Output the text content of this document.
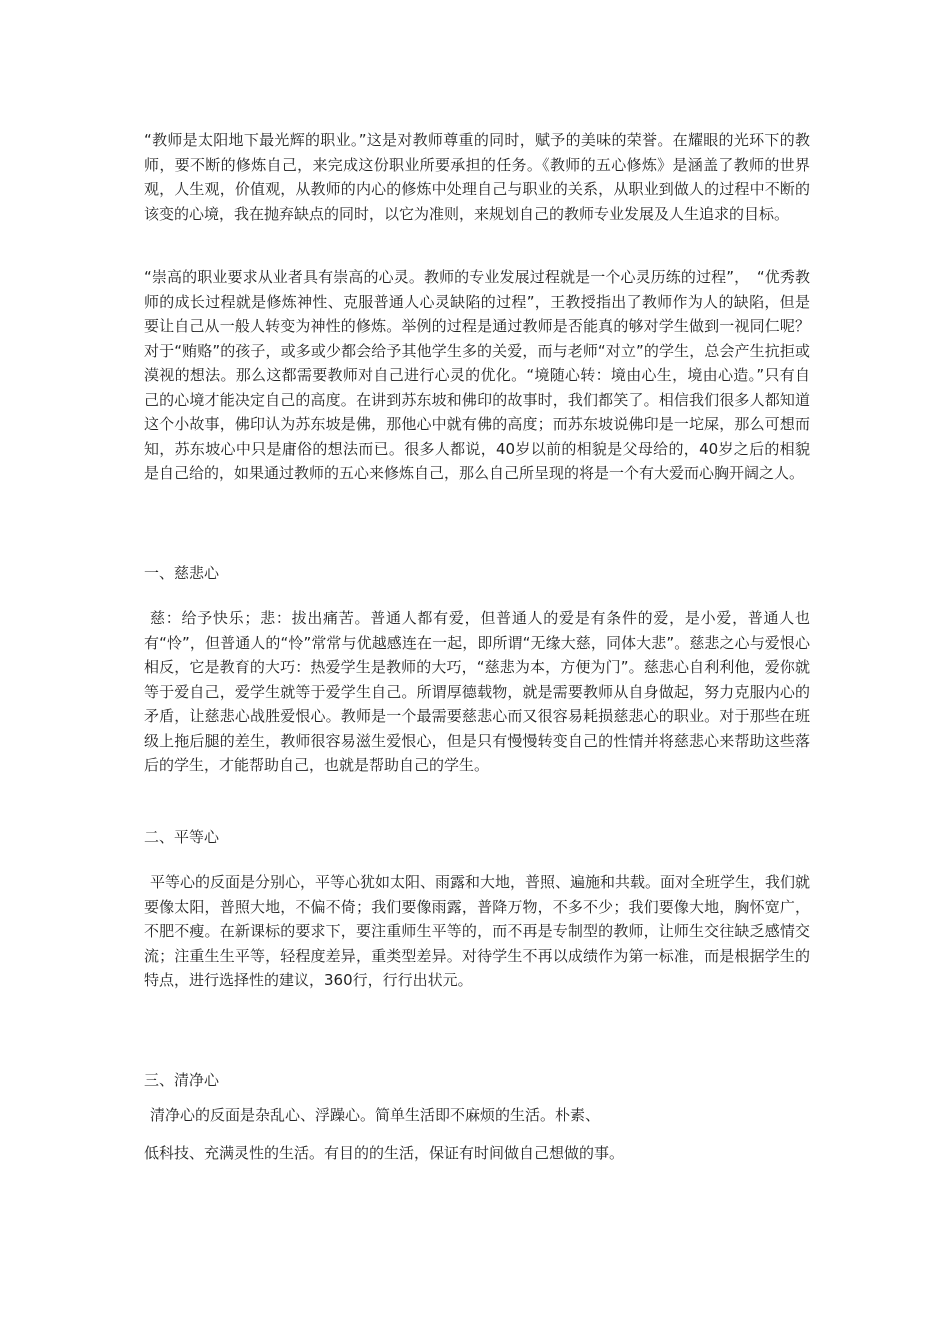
“教师是太阳地下最光辉的职业。”这是对教师尊重的同时，赋予的美味的荣誉。在耀眼的光环下的教师，要不断的修炼自己，来完成这份职业所要承担的任务。《教师的五心修炼》是涵盖了教师的世界观，人生观，价值观，从教师的内心的修炼中处理自己与职业的关系，从职业到做人的过程中不断的该变的心境，我在抛弃缺点的同时，以它为准则，来规划自己的教师专业发展及人生追求的目标。

“崇高的职业要求从业者具有崇高的心灵。教师的专业发展过程就是一个心灵历练的过程”，　“优秀教师的成长过程就是修炼神性、克服普通人心灵缺陷的过程”，王教授指出了教师作为人的缺陷，但是要让自己从一般人转变为神性的修炼。举例的过程是通过教师是否能真的够对学生做到一视同仁呢？对于“贿赂”的孩子，或多或少都会给予其他学生多的关爱，而与老师“对立”的学生，总会产生抗拒或漠视的想法。那么这都需要教师对自己进行心灵的优化。“境随心转：境由心生，境由心造。”只有自己的心境才能决定自己的高度。在讲到苏东坡和佛印的故事时，我们都笑了。相信我们很多人都知道这个小故事，佛印认为苏东坡是佛，那他心中就有佛的高度；而苏东坡说佛印是一坨屎，那么可想而知，苏东坡心中只是庸俗的想法而已。很多人都说，40岁以前的相貌是父母给的，40岁之后的相貌是自己给的，如果通过教师的五心来修炼自己，那么自己所呈现的将是一个有大爱而心胸开阔之人。

一、慈悲心

慈：给予快乐；悲：拔出痛苦。普通人都有爱，但普通人的爱是有条件的爱，是小爱，普通人也有“怜”，但普通人的“怜”常常与优越感连在一起，即所谓“无缘大慈，同体大悲”。慈悲之心与爱恨心相反，它是教育的大巧：热爱学生是教师的大巧，“慈悲为本，方便为门”。慈悲心自利利他，爱你就等于爱自己，爱学生就等于爱学生自己。所谓厚德载物，就是需要教师从自身做起，努力克服内心的矛盾，让慈悲心战胜爱恨心。教师是一个最需要慈悲心而又很容易耗损慈悲心的职业。对于那些在班级上拖后腿的差生，教师很容易滋生爱恨心，但是只有慢慢转变自己的性情并将慈悲心来帮助这些落后的学生，才能帮助自己，也就是帮助自己的学生。

二、平等心

平等心的反面是分别心，平等心犹如太阳、雨露和大地，普照、遍施和共载。面对全班学生，我们就要像太阳，普照大地，不偏不倚；我们要像雨露，普降万物，不多不少；我们要像大地，胸怀宽广，不肥不瘦。在新课标的要求下，要注重师生平等的，而不再是专制型的教师，让师生交往缺乏感情交流；注重生生平等，轻程度差异，重类型差异。对待学生不再以成绩作为第一标准，而是根据学生的特点，进行选择性的建议，360行，行行出状元。

三、清净心

清净心的反面是杂乱心、浮躁心。简单生活即不麻烦的生活。朴素、

低科技、充满灵性的生活。有目的的生活，保证有时间做自己想做的事。
